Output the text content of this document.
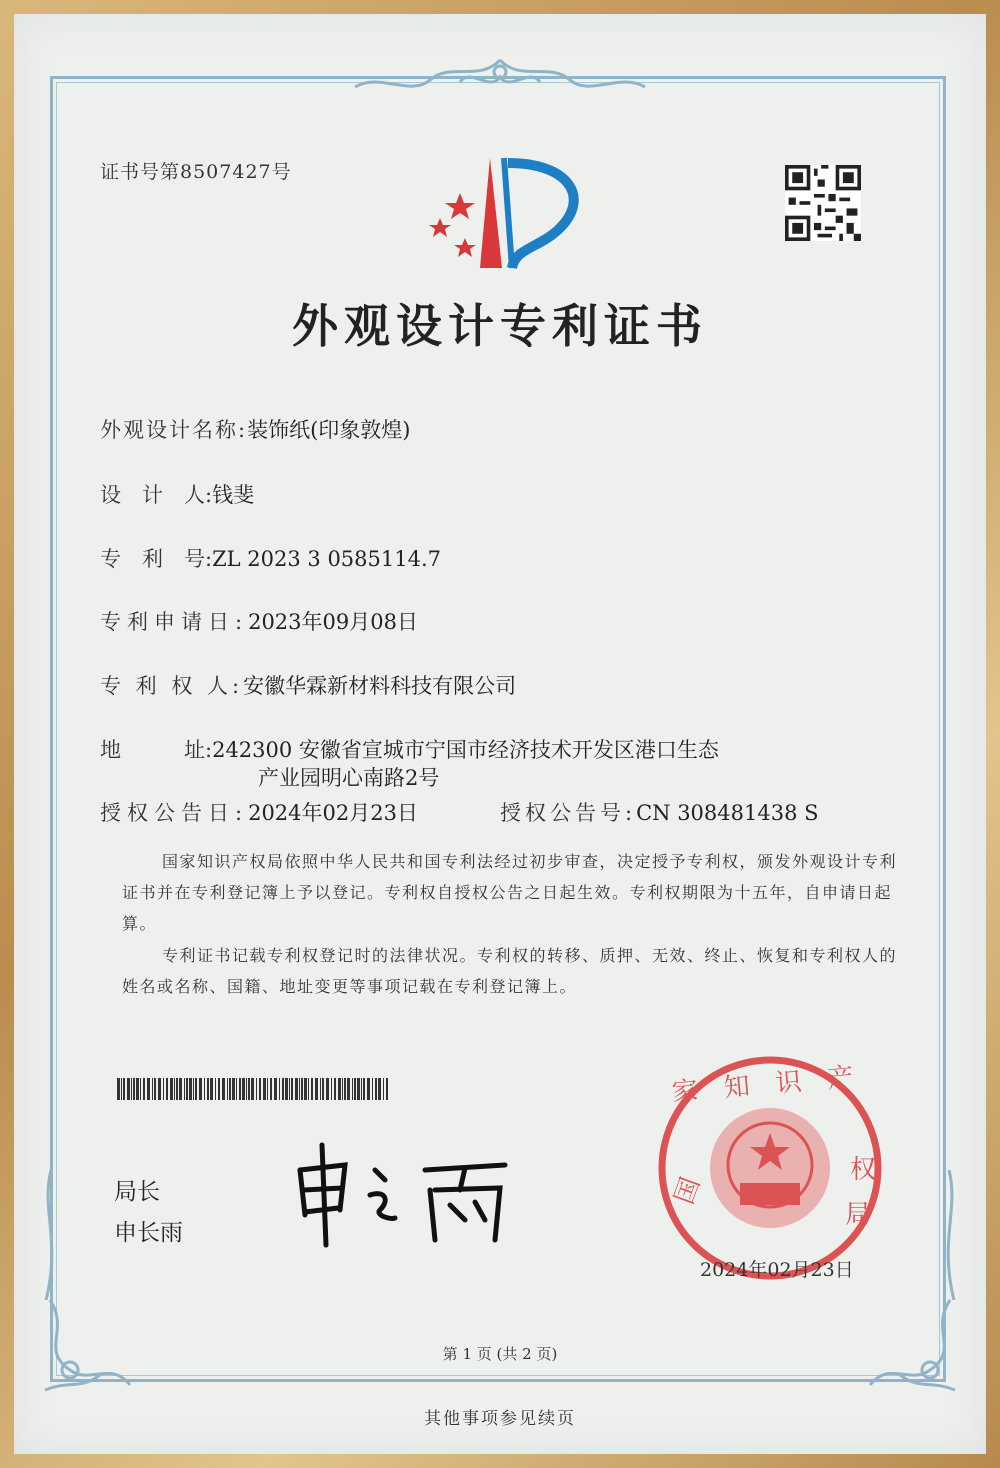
证书号第8507427号
外观设计专利证书
外观设计名称:装饰纸(印象敦煌)
设　计　人:钱斐
专　利　号:ZL 2023 3 0585114.7
专利申请日:2023年09月08日
专 利 权 人:安徽华霖新材料科技有限公司
地　　　址:242300 安徽省宣城市宁国市经济技术开发区港口生态
产业园明心南路2号
授权公告日:2024年02月23日	授权公告号:CN 308481438 S
国家知识产权局依照中华人民共和国专利法经过初步审查，决定授予专利权，颁发外观设计专利证书并在专利登记簿上予以登记。专利权自授权公告之日起生效。专利权期限为十五年，自申请日起算。
专利证书记载专利权登记时的法律状况。专利权的转移、质押、无效、终止、恢复和专利权人的姓名或名称、国籍、地址变更等事项记载在专利登记簿上。
局长
申长雨
家　知　识　产
国
权
局
2024年02月23日
第 1 页 (共 2 页)
其他事项参见续页
